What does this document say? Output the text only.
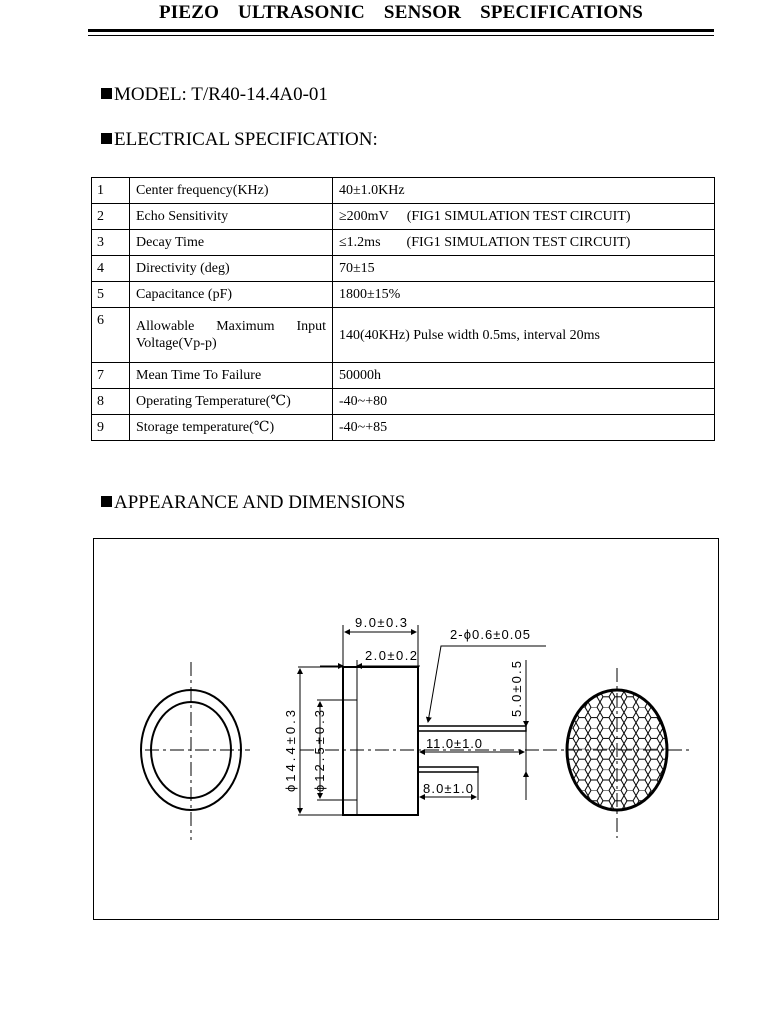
PIEZO ULTRASONIC SENSOR SPECIFICATIONS
MODEL: T/R40-14.4A0-01
ELECTRICAL SPECIFICATION:
1	Center frequency(KHz)	40±1.0KHz
2	Echo Sensitivity	≥200mV (FIG1 SIMULATION TEST CIRCUIT)
3	Decay Time	≤1.2ms (FIG1 SIMULATION TEST CIRCUIT)
4	Directivity (deg)	70±15
5	Capacitance (pF)	1800±15%
6	Allowable Maximum Input Voltage(Vp-p)	140(40KHz) Pulse width 0.5ms, interval 20ms
7	Mean Time To Failure	50000h
8	Operating Temperature(℃)	-40~+80
9	Storage temperature(℃)	-40~+85
APPEARANCE AND DIMENSIONS
9.0±0.3
2.0±0.2
2-ϕ0.6±0.05
5.0±0.5
11.0±1.0
8.0±1.0
ϕ14.4±0.3
ϕ12.5±0.3
